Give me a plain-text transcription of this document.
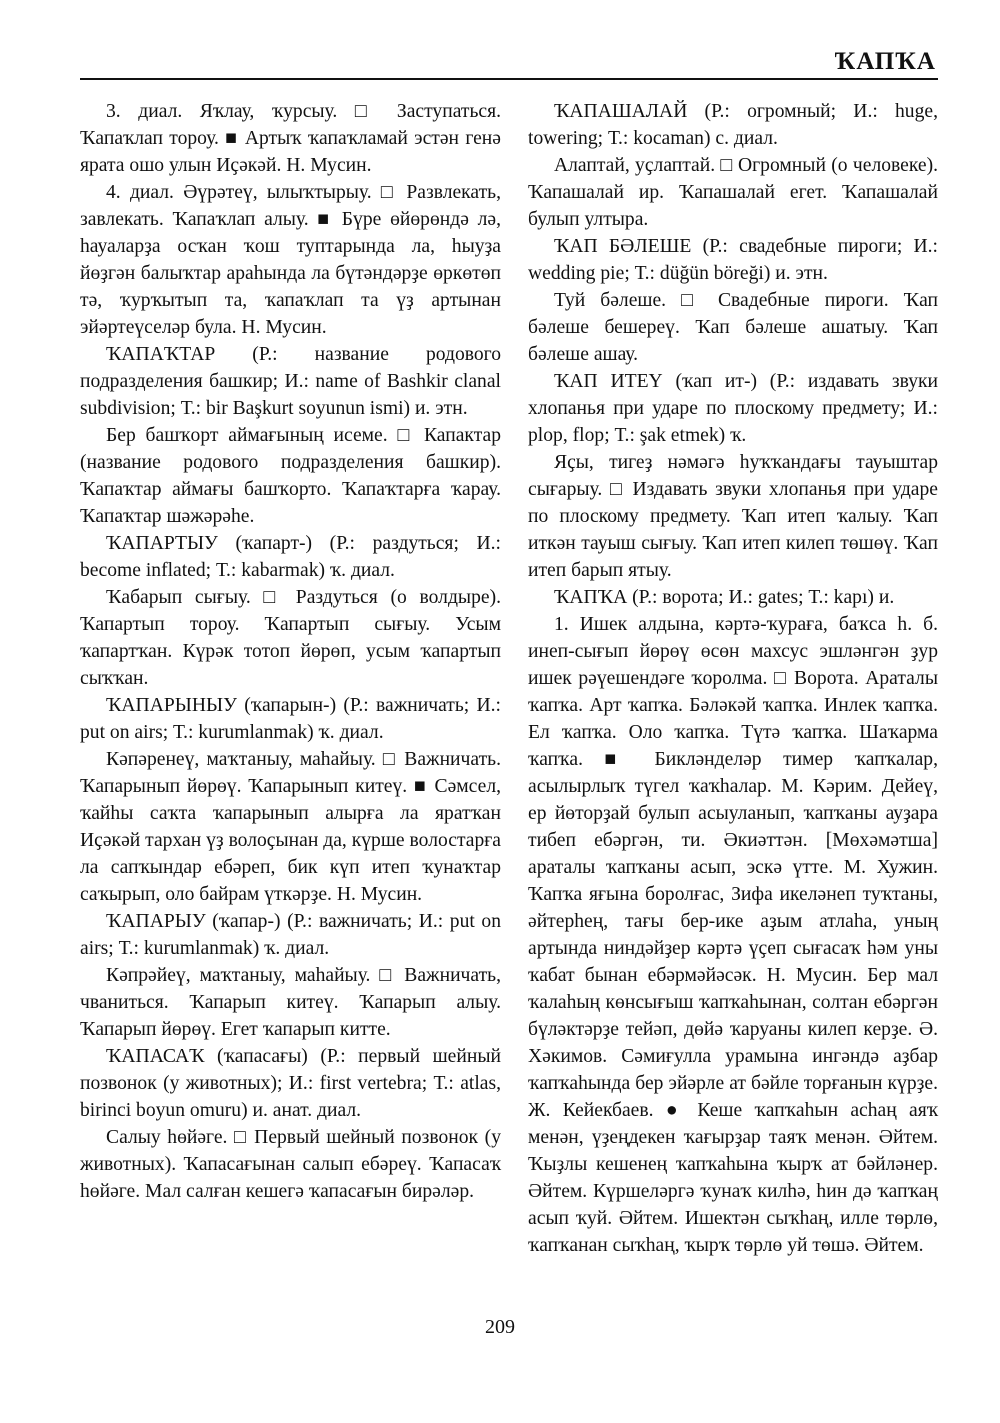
ҠАПҠА

3. диал. Яҡлау, ҡурсыу. □ Заступаться. Ҡапаҡлап тороу. ■ Артыҡ ҡапаҡламай эстән генә ярата ошо улын Иҫәкәй. Н. Мусин.

4. диал. Әүрәтеү, ылыҡтырыу. □ Развлекать, завлекать. Ҡапаҡлап алыу. ■ Бүре өйөрөндә лә, һауаларҙа осҡан ҡош туптарында ла, һыуҙа йөҙгән балыҡтар араһында ла бүтәндәрҙе өркөтөп тә, ҡурҡытып та, ҡапаҡлап та үҙ артынан эйәртеүселәр була. Н. Мусин.

ҠАПАҠТАР (Р.: название родового подразделения башкир; И.: name of Bashkir clanal subdivision; Т.: bir Başkurt soyunun ismi) и. этн.

Бер башҡорт аймағының исеме. □ Капактар (название родового подразделения башкир). Ҡапаҡтар аймағы башҡорто. Ҡапаҡтарға ҡарау. Ҡапаҡтар шәжәрәһе.

ҠАПАРТЫУ (ҡапарт-) (Р.: раздуться; И.: become inflated; Т.: kabarmak) ҡ. диал.

Ҡабарып сығыу. □ Раздуться (о волдыре). Ҡапартып тороу. Ҡапартып сығыу. Усым ҡапартҡан. Күрәк тотоп йөрөп, усым ҡапартып сыҡҡан.

ҠАПАРЫНЫУ (ҡапарын-) (Р.: важничать; И.: put on airs; Т.: kurumlanmak) ҡ. диал.

Кәпәренеү, маҡтаныу, маһайыу. □ Важничать. Ҡапарынып йөрөү. Ҡапарынып китеү. ■ Сәмсел, ҡайһы саҡта ҡапарынып алырға ла яратҡан Иҫәкәй тархан үҙ волоҫынан да, күрше волостарға ла сапҡындар ебәреп, бик күп итеп ҡунаҡтар саҡырып, оло байрам үткәрҙе. Н. Мусин.

ҠАПАРЫУ (ҡапар-) (Р.: важничать; И.: put on airs; Т.: kurumlanmak) ҡ. диал.

Кәпрәйеү, маҡтаныу, маһайыу. □ Важничать, чваниться. Ҡапарып китеү. Ҡапарып алыу. Ҡапарып йөрөү. Егет ҡапарып китте.

ҠАПАСАҠ (ҡапасағы) (Р.: первый шейный позвонок (у животных); И.: first vertebra; Т.: atlas, birinci boyun omuru) и. анат. диал.

Салыу һөйәге. □ Первый шейный позвонок (у животных). Ҡапасағынан салып ебәреү. Ҡапасаҡ һөйәге. Мал салған кешегә ҡапасағын бирәләр.

ҠАПАШАЛАЙ (Р.: огромный; И.: huge, towering; Т.: kocaman) с. диал.

Алаптай, уҫлаптай. □ Огромный (о человеке). Ҡапашалай ир. Ҡапашалай егет. Ҡапашалай булып ултыра.

ҠАП БӘЛЕШЕ (Р.: свадебные пироги; И.: wedding pie; Т.: düğün böreği) и. этн.

Туй бәлеше. □ Свадебные пироги. Ҡап бәлеше бешереү. Ҡап бәлеше ашатыу. Ҡап бәлеше ашау.

ҠАП ИТЕҮ (ҡап ит-) (Р.: издавать звуки хлопанья при ударе по плоскому предмету; И.: plop, flop; Т.: şak etmek) ҡ.

Яҫы, тигеҙ нәмәгә һуҡҡандағы тауыштар сығарыу. □ Издавать звуки хлопанья при ударе по плоскому предмету. Ҡап итеп ҡалыу. Ҡап иткән тауыш сығыу. Ҡап итеп килеп төшөү. Ҡап итеп барып ятыу.

ҠАПҠА (Р.: ворота; И.: gates; Т.: kapı) и.

1. Ишек алдына, кәртә-ҡураға, баҡса һ. б. инеп-сығып йөрөү өсөн махсус эшләнгән ҙур ишек рәүешендәге ҡоролма. □ Ворота. Араталы ҡапҡа. Арт ҡапҡа. Бәләкәй ҡапҡа. Инлек ҡапҡа. Ел ҡапҡа. Оло ҡапҡа. Түтә ҡапҡа. Шаҡарма ҡапҡа. ■ Бикләнделәр тимер ҡапҡалар, асылырлыҡ түгел ҡаҡһалар. М. Кәрим. Дейеү, ер йөторҙай булып асыуланып, ҡапҡаны ауҙара тибеп ебәргән, ти. Әкиәттән. [Мөхәмәтша] араталы ҡапҡаны асып, эскә үтте. М. Хужин. Ҡапҡа яғына боролғас, Зифа икеләнеп туҡтаны, әйтерһең, тағы бер-ике аҙым атлаһа, уның артында ниндәйҙер кәртә үҫеп сығасаҡ һәм уны ҡабат бынан ебәрмәйәсәк. Н. Мусин. Бер мал ҡалаһың көнсығыш ҡапҡаһынан, солтан ебәргән бүләктәрҙе тейәп, дөйә ҡаруаны килеп керҙе. Ә. Хәкимов. Сәмиғулла урамына ингәндә аҙбар ҡапҡаһында бер эйәрле ат бәйле торғанын күрҙе. Ж. Кейекбаев. ● Кеше ҡапҡаһын асһаң аяҡ менән, үҙеңдекен ҡағырҙар таяҡ менән. Әйтем. Ҡыҙлы кешенең ҡапҡаһына ҡырҡ ат бәйләнер. Әйтем. Күршеләргә ҡунаҡ килһә, һин дә ҡапҡаң асып ҡуй. Әйтем. Ишектән сыҡһаң, илле төрлө, ҡапҡанан сыҡһаң, ҡырҡ төрлө уй төшә. Әйтем.

209
